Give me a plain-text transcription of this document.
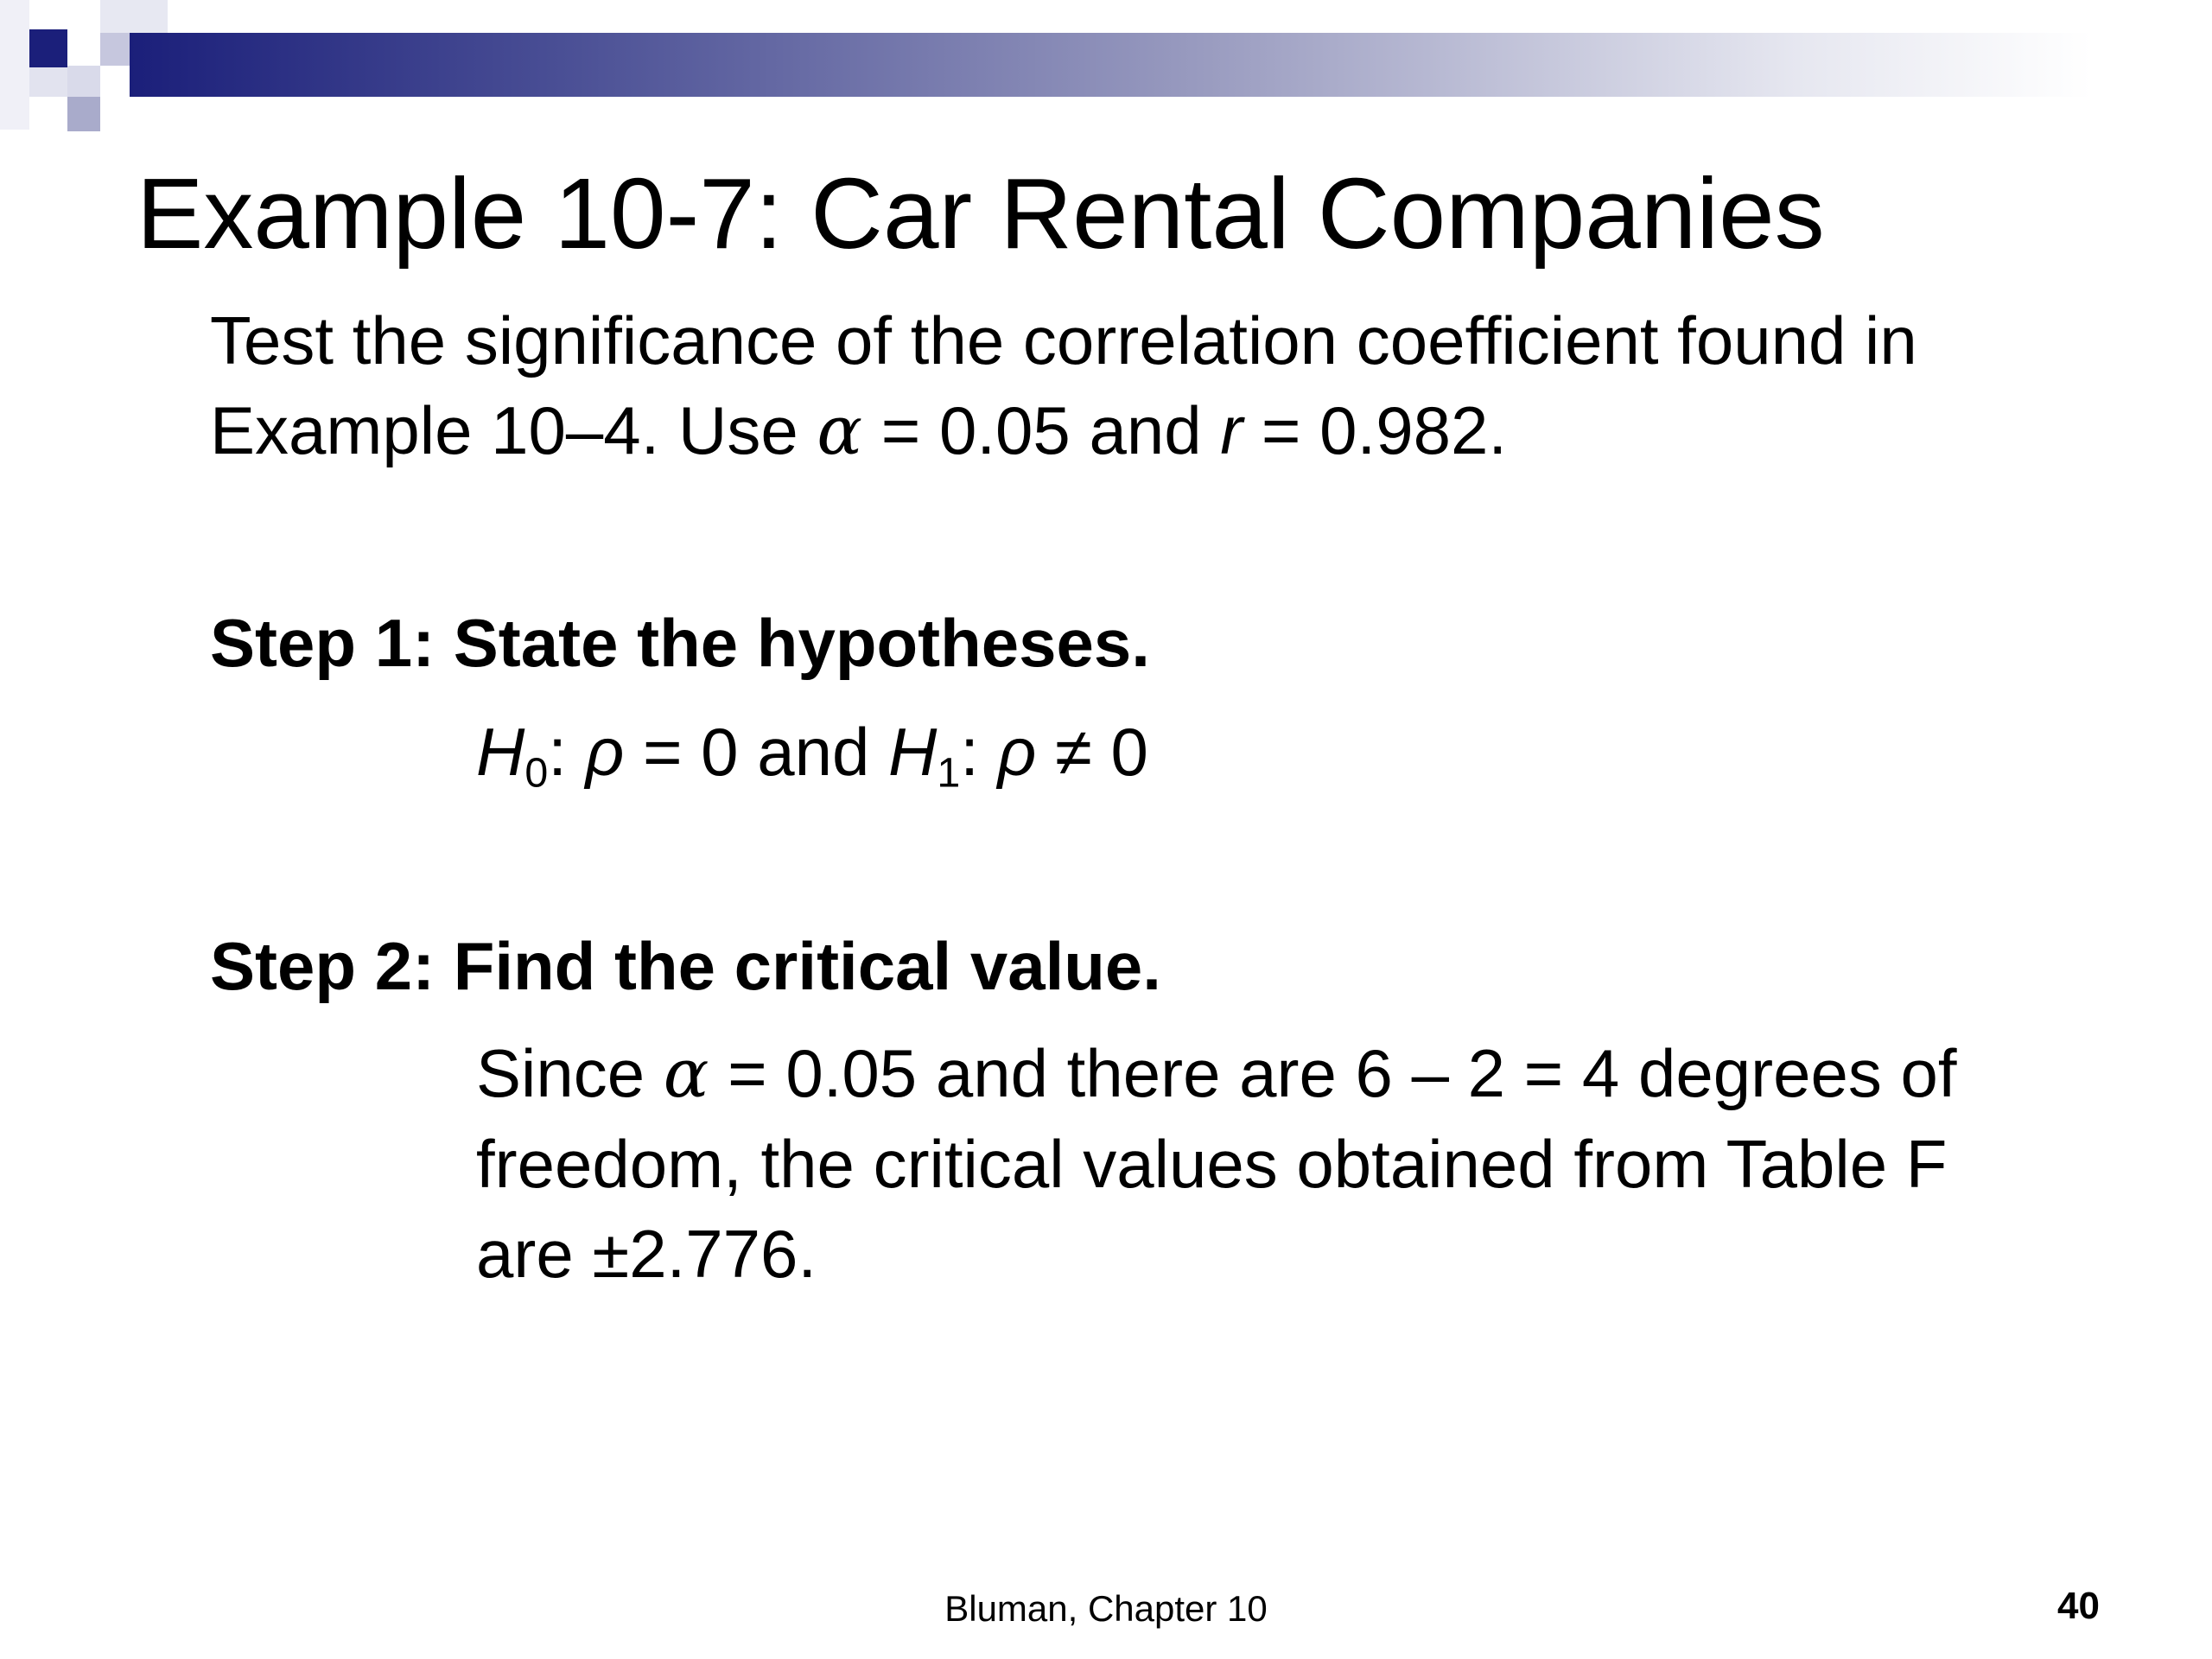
Example 10-7: Car Rental Companies
Test the significance of the correlation coefficient found in
Example 10–4. Use α = 0.05 and r = 0.982.
Step 1: State the hypotheses.
$H_0$: ρ = 0 and $H_1$: ρ ≠ 0
Step 2: Find the critical value.
Since α = 0.05 and there are 6 – 2 = 4 degrees of
freedom, the critical values obtained from Table F
are ±2.776.
Bluman, Chapter 10	40
